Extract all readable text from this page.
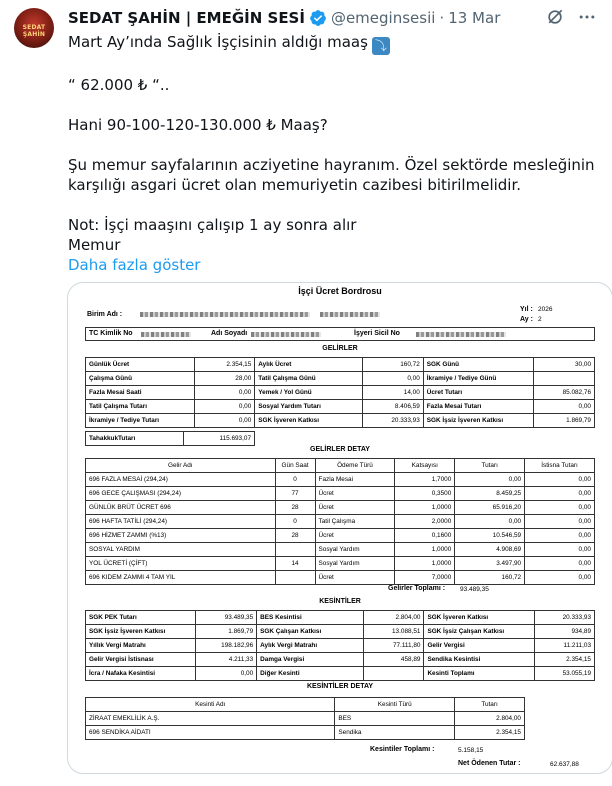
SEDAT ŞAHİN
SEDAT ŞAHİN | EMEĞİN SESİ @emeginsesii · 13 Mar

Mart Ay’ında Sağlık İşçisinin aldığı maaş ⤵

“ 62.000 ₺ “..

Hani 90-100-120-130.000 ₺ Maaş?

Şu memur sayfalarının acziyetine hayranım. Özel sektörde mesleğinin karşılığı asgari ücret olan memuriyetin cazibesi bitirilmelidir.

Not: İşçi maaşını çalışıp 1 ay sonra alır

Memur

Daha fazla göster

İşçi Ücret Bordrosu
Birim Adı :
Yıl : 2026
Ay : 2
TC Kimlik No	Adı Soyadı	İşyeri Sicil No
GELİRLER
Günlük Ücret	2.354,15	Aylık Ücret	160,72	SGK Günü	30,00
Çalışma Günü	28,00	Tatil Çalışma Günü	0,00	İkramiye / Tediye Günü	
Fazla Mesai Saati	0,00	Yemek / Yol Günü	14,00	Ücret Tutarı	85.082,76
Tatil Çalışma Tutarı	0,00	Sosyal Yardım Tutarı	8.406,59	Fazla Mesai Tutarı	0,00
İkramiye / Tediye Tutarı	0,00	SGK İşveren Katkısı	20.333,93	SGK İşsiz İşveren Katkısı	1.869,79
TahakkukTutarı	115.693,07
GELİRLER DETAY
Gelir Adı	Gün Saat	Ödeme Türü	Katsayısı	Tutarı	İstisna Tutarı
696 FAZLA MESAİ (294,24)	0	Fazla Mesai	1,7000	0,00	0,00
696 GECE ÇALIŞMASI (294,24)	77	Ücret	0,3500	8.459,25	0,00
GÜNLÜK BRÜT ÜCRET 696	28	Ücret	1,0000	65.916,20	0,00
696 HAFTA TATİLİ (294,24)	0	Tatil Çalışma	2,0000	0,00	0,00
696 HİZMET ZAMMI (%13)	28	Ücret	0,1600	10.546,59	0,00
SOSYAL YARDIM		Sosyal Yardım	1,0000	4.908,69	0,00
YOL ÜCRETİ (ÇİFT)	14	Sosyal Yardım	1,0000	3.497,90	0,00
696 KIDEM ZAMMI 4 TAM YIL		Ücret	7,0000	160,72	0,00
Gelirler Toplamı : 93.489,35
KESİNTİLER
SGK PEK Tutarı	93.489,35	BES Kesintisi	2.804,00	SGK İşveren Katkısı	20.333,93
SGK İşsiz İşveren Katkısı	1.869,79	SGK Çalışan Katkısı	13.088,51	SGK İşsiz Çalışan Katkısı	934,89
Yıllık Vergi Matrahı	198.182,96	Aylık Vergi Matrahı	77.111,80	Gelir Vergisi	11.211,03
Gelir Vergisi İstisnası	4.211,33	Damga Vergisi	458,89	Sendika Kesintisi	2.354,15
İcra / Nafaka Kesintisi	0,00	Diğer Kesinti		Kesinti Toplamı	53.055,19
KESİNTİLER DETAY
Kesinti Adı	Kesinti Türü	Tutarı
ZİRAAT EMEKLİLİK A.Ş.	BES	2.804,00
696 SENDİKA AİDATI	Sendika	2.354,15
Kesintiler Toplamı :	5.158,15
Net Ödenen Tutar :	62.637,88
